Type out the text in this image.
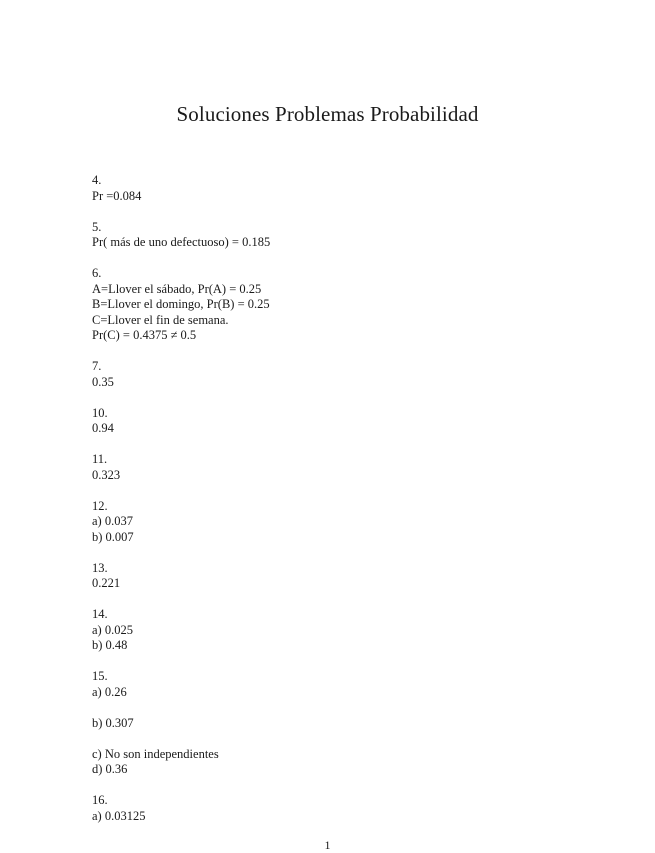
Soluciones Problemas Probabilidad
4.
Pr =0.084
5.
Pr( más de uno defectuoso) = 0.185
6.
A=Llover el sábado, Pr(A) = 0.25
B=Llover el domingo, Pr(B) = 0.25
C=Llover el fin de semana.
Pr(C) = 0.4375 ≠ 0.5
7.
0.35
10.
0.94
11.
0.323
12.
a) 0.037
b) 0.007
13.
0.221
14.
a) 0.025
b) 0.48
15.
a) 0.26
b) 0.307
c) No son independientes
d) 0.36
16.
a) 0.03125
1
